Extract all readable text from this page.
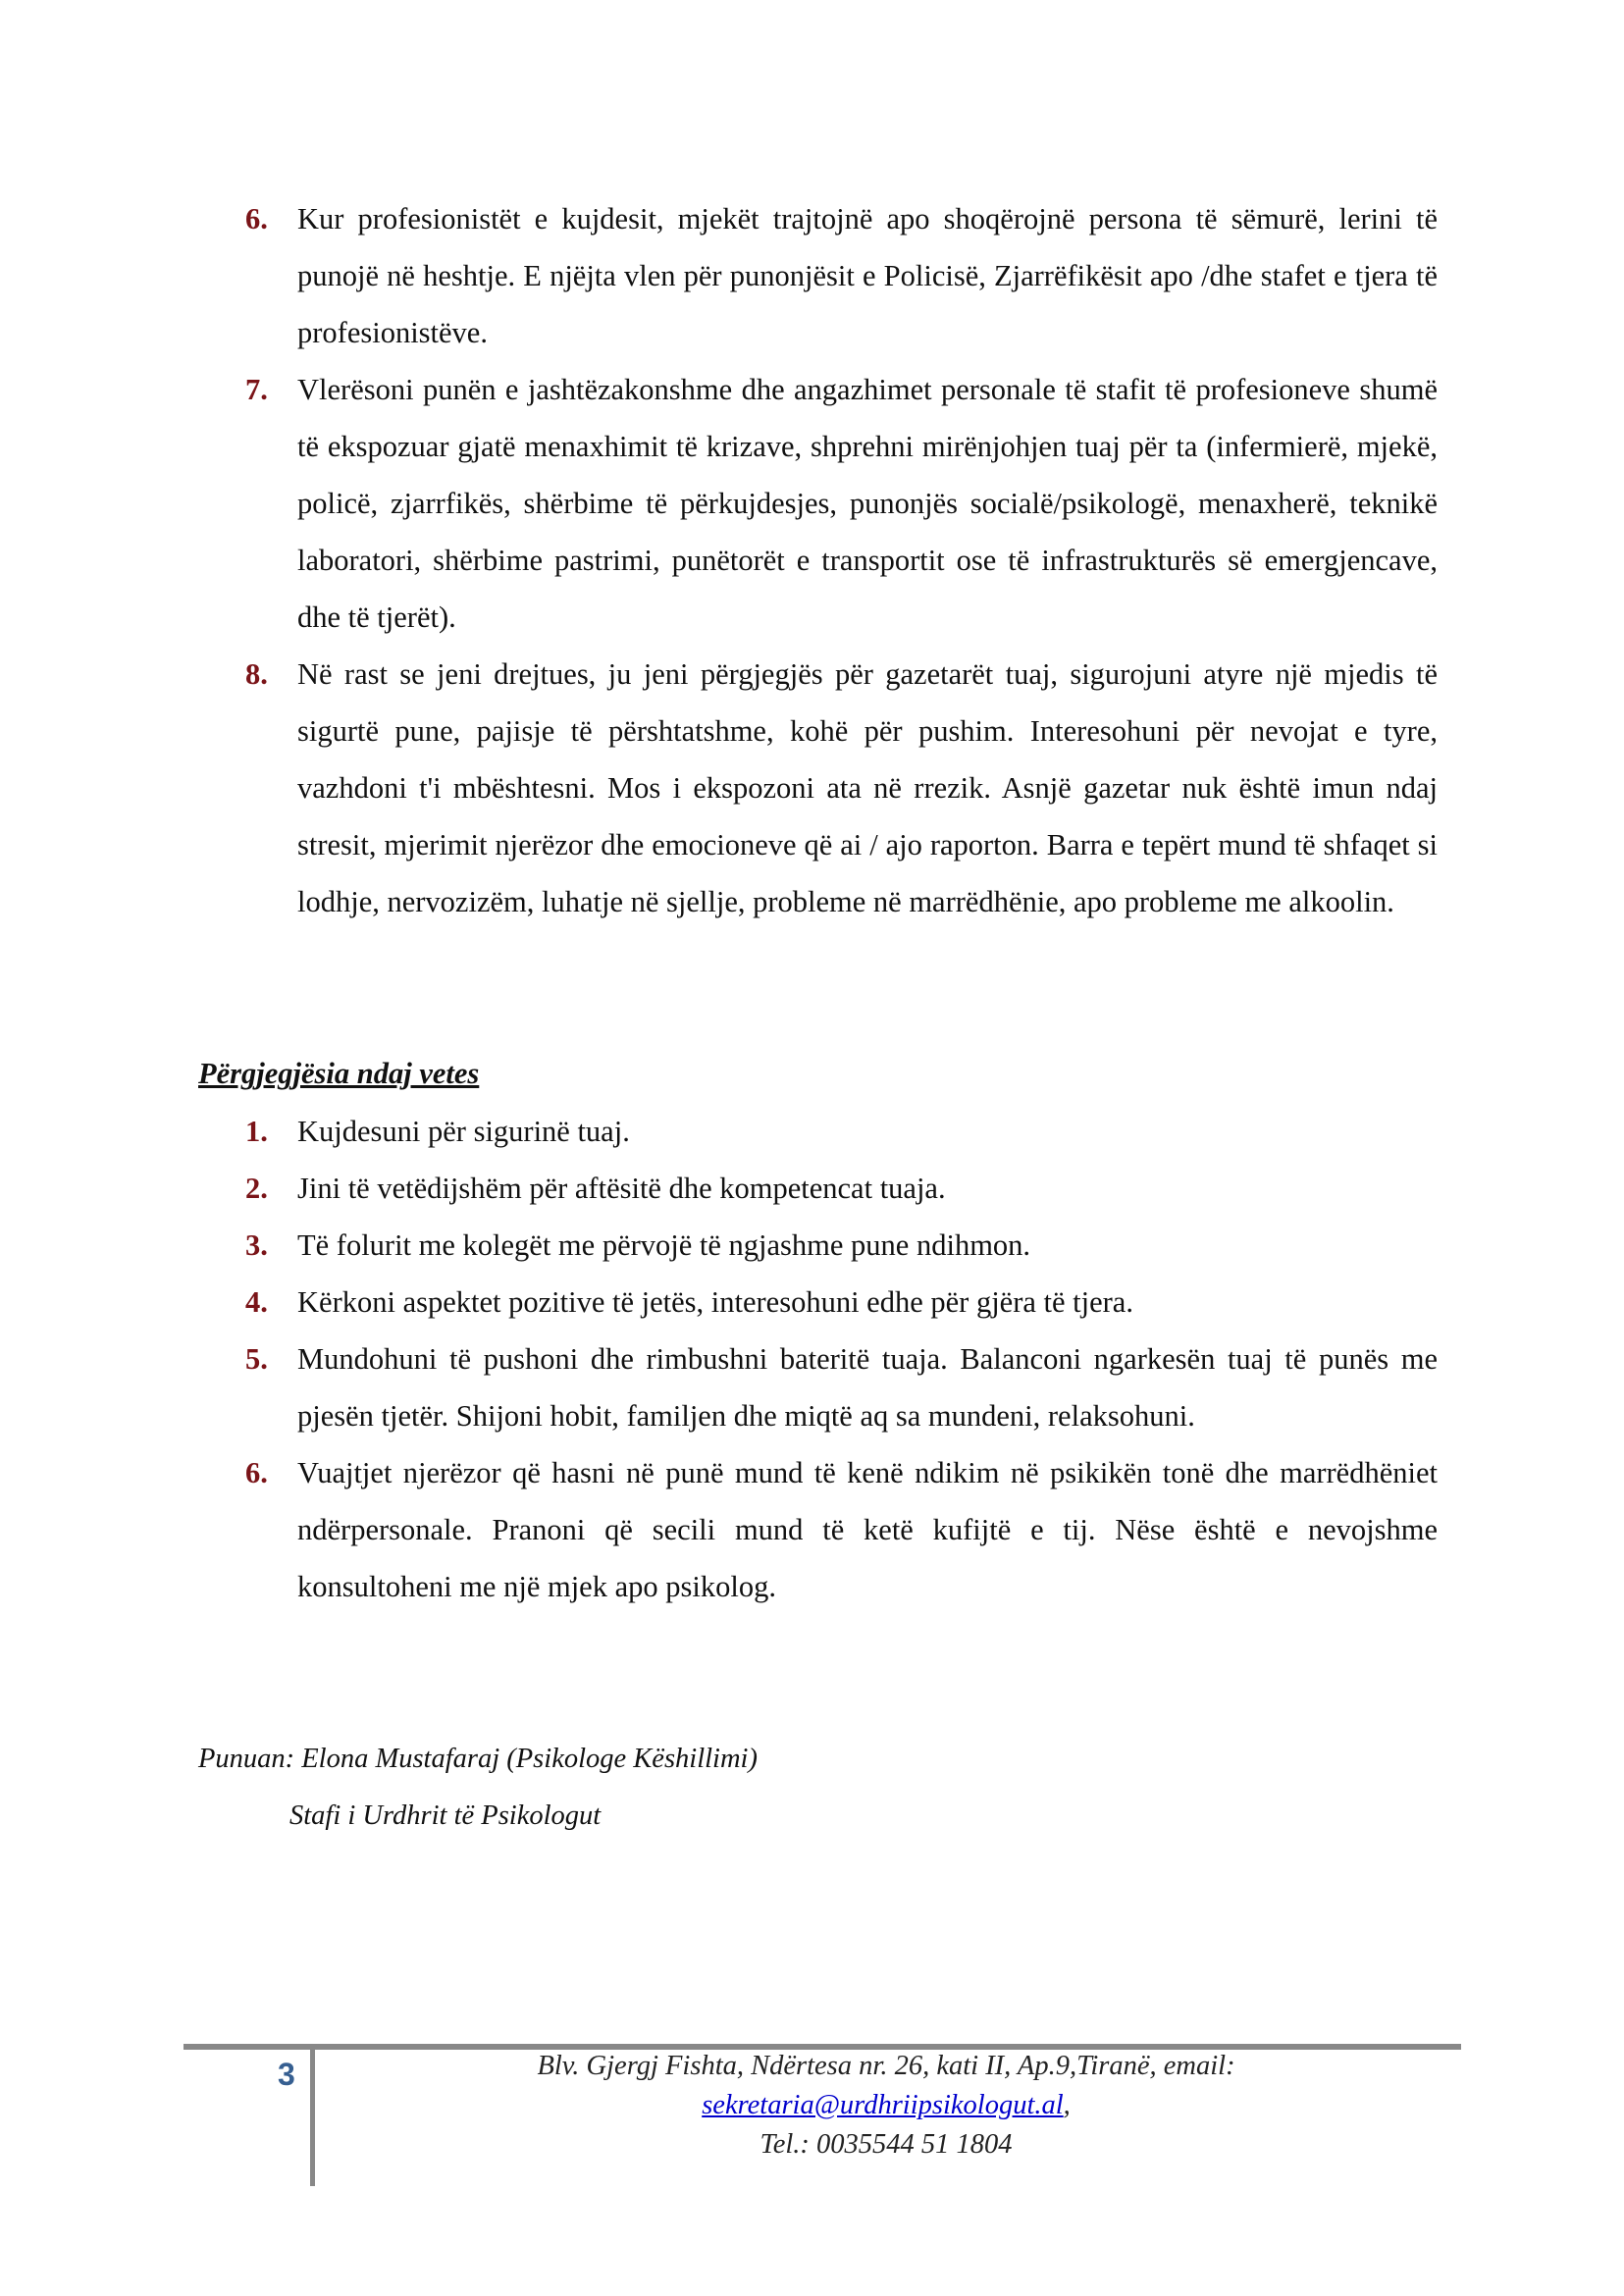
6. Kur profesionistët e kujdesit, mjekët trajtojnë apo shoqërojnë persona të sëmurë, lerini të punojë në heshtje. E njëjta vlen për punonjësit e Policisë, Zjarrëfikësit apo /dhe stafet e tjera të profesionistëve.
7. Vlerësoni punën e jashtëzakonshme dhe angazhimet personale të stafit të profesioneve shumë të ekspozuar gjatë menaxhimit të krizave, shprehni mirënjohjen tuaj për ta (infermierë, mjekë, policë, zjarrfikës, shërbime të përkujdesjes, punonjës socialë/psikologë, menaxherë, teknikë laboratori, shërbime pastrimi, punëtorët e transportit ose të infrastrukturës së emergjencave, dhe të tjerët).
8. Në rast se jeni drejtues, ju jeni përgjegjës për gazetarët tuaj, sigurojuni atyre një mjedis të sigurtë pune, pajisje të përshtatshme, kohë për pushim. Interesohuni për nevojat e tyre, vazhdoni t'i mbështesni. Mos i ekspozoni ata në rrezik. Asnjë gazetar nuk është imun ndaj stresit, mjerimit njerëzor dhe emocioneve që ai / ajo raporton. Barra e tepërt mund të shfaqet si lodhje, nervozizëm, luhatje në sjellje, probleme në marrëdhënie, apo probleme me alkoolin.
Përgjegjësia ndaj vetes
1. Kujdesuni për sigurinë tuaj.
2. Jini të vetëdijshëm për aftësitë dhe kompetencat tuaja.
3. Të folurit me kolegët me përvojë të ngjashme pune ndihmon.
4. Kërkoni aspektet pozitive të jetës, interesohuni edhe për gjëra të tjera.
5. Mundohuni të pushoni dhe rimbushni bateritë tuaja. Balanconi ngarkesën tuaj të punës me pjesën tjetër. Shijoni hobit, familjen dhe miqtë aq sa mundeni, relaksohuni.
6. Vuajtjet njerëzor që hasni në punë mund të kenë ndikim në psikikën tonë dhe marrëdhëniet ndërpersonale. Pranoni që secili mund të ketë kufijtë e tij. Nëse është e nevojshme konsultoheni me një mjek apo psikolog.
Punuan: Elona Mustafaraj (Psikologe Këshillimi)
Stafi i Urdhrit të Psikologut
3	Blv. Gjergj Fishta, Ndërtesa nr. 26, kati II, Ap.9,Tiranë, email:
sekretaria@urdhriipsikologut.al,
Tel.: 0035544 51 1804
